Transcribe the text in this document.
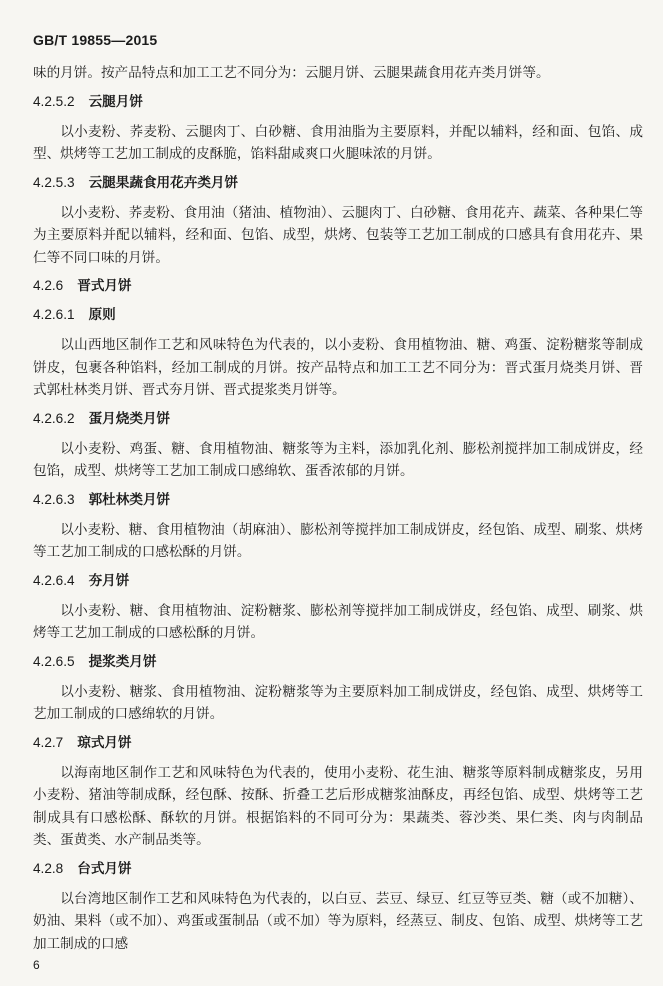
GB/T 19855—2015

味的月饼。按产品特点和加工工艺不同分为：云腿月饼、云腿果蔬食用花卉类月饼等。

4.2.5.2 云腿月饼

以小麦粉、荞麦粉、云腿肉丁、白砂糖、食用油脂为主要原料，并配以辅料，经和面、包馅、成型、烘烤等工艺加工制成的皮酥脆，馅料甜咸爽口火腿味浓的月饼。

4.2.5.3 云腿果蔬食用花卉类月饼

以小麦粉、荞麦粉、食用油（猪油、植物油）、云腿肉丁、白砂糖、食用花卉、蔬菜、各种果仁等为主要原料并配以辅料，经和面、包馅、成型，烘烤、包装等工艺加工制成的口感具有食用花卉、果仁等不同口味的月饼。

4.2.6 晋式月饼
4.2.6.1 原则

以山西地区制作工艺和风味特色为代表的，以小麦粉、食用植物油、糖、鸡蛋、淀粉糖浆等制成饼皮，包裹各种馅料，经加工制成的月饼。按产品特点和加工工艺不同分为：晋式蛋月烧类月饼、晋式郭杜林类月饼、晋式夯月饼、晋式提浆类月饼等。

4.2.6.2 蛋月烧类月饼

以小麦粉、鸡蛋、糖、食用植物油、糖浆等为主料，添加乳化剂、膨松剂搅拌加工制成饼皮，经包馅，成型、烘烤等工艺加工制成口感绵软、蛋香浓郁的月饼。

4.2.6.3 郭杜林类月饼

以小麦粉、糖、食用植物油（胡麻油）、膨松剂等搅拌加工制成饼皮，经包馅、成型、刷浆、烘烤等工艺加工制成的口感松酥的月饼。

4.2.6.4 夯月饼

以小麦粉、糖、食用植物油、淀粉糖浆、膨松剂等搅拌加工制成饼皮，经包馅、成型、刷浆、烘烤等工艺加工制成的口感松酥的月饼。

4.2.6.5 提浆类月饼

以小麦粉、糖浆、食用植物油、淀粉糖浆等为主要原料加工制成饼皮，经包馅、成型、烘烤等工艺加工制成的口感绵软的月饼。

4.2.7 琼式月饼

以海南地区制作工艺和风味特色为代表的，使用小麦粉、花生油、糖浆等原料制成糖浆皮，另用小麦粉、猪油等制成酥，经包酥、按酥、折叠工艺后形成糖浆油酥皮，再经包馅、成型、烘烤等工艺制成具有口感松酥、酥软的月饼。根据馅料的不同可分为：果蔬类、蓉沙类、果仁类、肉与肉制品类、蛋黄类、水产制品类等。

4.2.8 台式月饼

以台湾地区制作工艺和风味特色为代表的，以白豆、芸豆、绿豆、红豆等豆类、糖（或不加糖）、奶油、果料（或不加）、鸡蛋或蛋制品（或不加）等为原料，经蒸豆、制皮、包馅、成型、烘烤等工艺加工制成的口感

6
